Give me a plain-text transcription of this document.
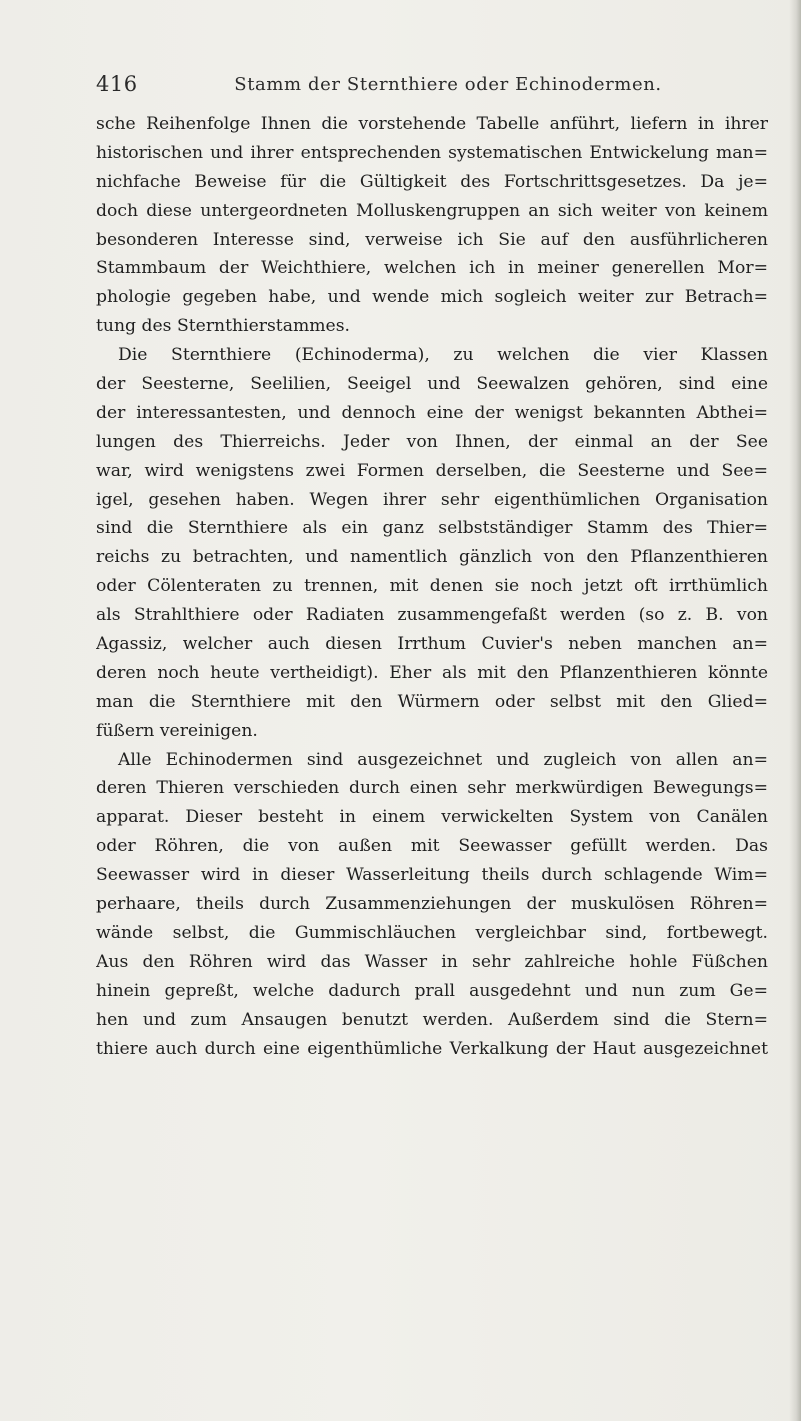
416	Stamm der Sternthiere oder Echinodermen.
sche Reihenfolge Ihnen die vorstehende Tabelle anführt, liefern in ihrer
historischen und ihrer entsprechenden systematischen Entwickelung man=
nichfache Beweise für die Gültigkeit des Fortschrittsgesetzes. Da je=
doch diese untergeordneten Molluskengruppen an sich weiter von keinem
besonderen Interesse sind, verweise ich Sie auf den ausführlicheren
Stammbaum der Weichthiere, welchen ich in meiner generellen Mor=
phologie gegeben habe, und wende mich sogleich weiter zur Betrach=
tung des Sternthierstammes.
Die Sternthiere (Echinoderma), zu welchen die vier Klassen
der Seesterne, Seelilien, Seeigel und Seewalzen gehören, sind eine
der interessantesten, und dennoch eine der wenigst bekannten Abthei=
lungen des Thierreichs. Jeder von Ihnen, der einmal an der See
war, wird wenigstens zwei Formen derselben, die Seesterne und See=
igel, gesehen haben. Wegen ihrer sehr eigenthümlichen Organisation
sind die Sternthiere als ein ganz selbstständiger Stamm des Thier=
reichs zu betrachten, und namentlich gänzlich von den Pflanzenthieren
oder Cölenteraten zu trennen, mit denen sie noch jetzt oft irrthümlich
als Strahlthiere oder Radiaten zusammengefaßt werden (so z. B. von
Agassiz, welcher auch diesen Irrthum Cuvier's neben manchen an=
deren noch heute vertheidigt). Eher als mit den Pflanzenthieren könnte
man die Sternthiere mit den Würmern oder selbst mit den Glied=
füßern vereinigen.
Alle Echinodermen sind ausgezeichnet und zugleich von allen an=
deren Thieren verschieden durch einen sehr merkwürdigen Bewegungs=
apparat. Dieser besteht in einem verwickelten System von Canälen
oder Röhren, die von außen mit Seewasser gefüllt werden. Das
Seewasser wird in dieser Wasserleitung theils durch schlagende Wim=
perhaare, theils durch Zusammenziehungen der muskulösen Röhren=
wände selbst, die Gummischläuchen vergleichbar sind, fortbewegt.
Aus den Röhren wird das Wasser in sehr zahlreiche hohle Füßchen
hinein gepreßt, welche dadurch prall ausgedehnt und nun zum Ge=
hen und zum Ansaugen benutzt werden. Außerdem sind die Stern=
thiere auch durch eine eigenthümliche Verkalkung der Haut ausgezeichnet
